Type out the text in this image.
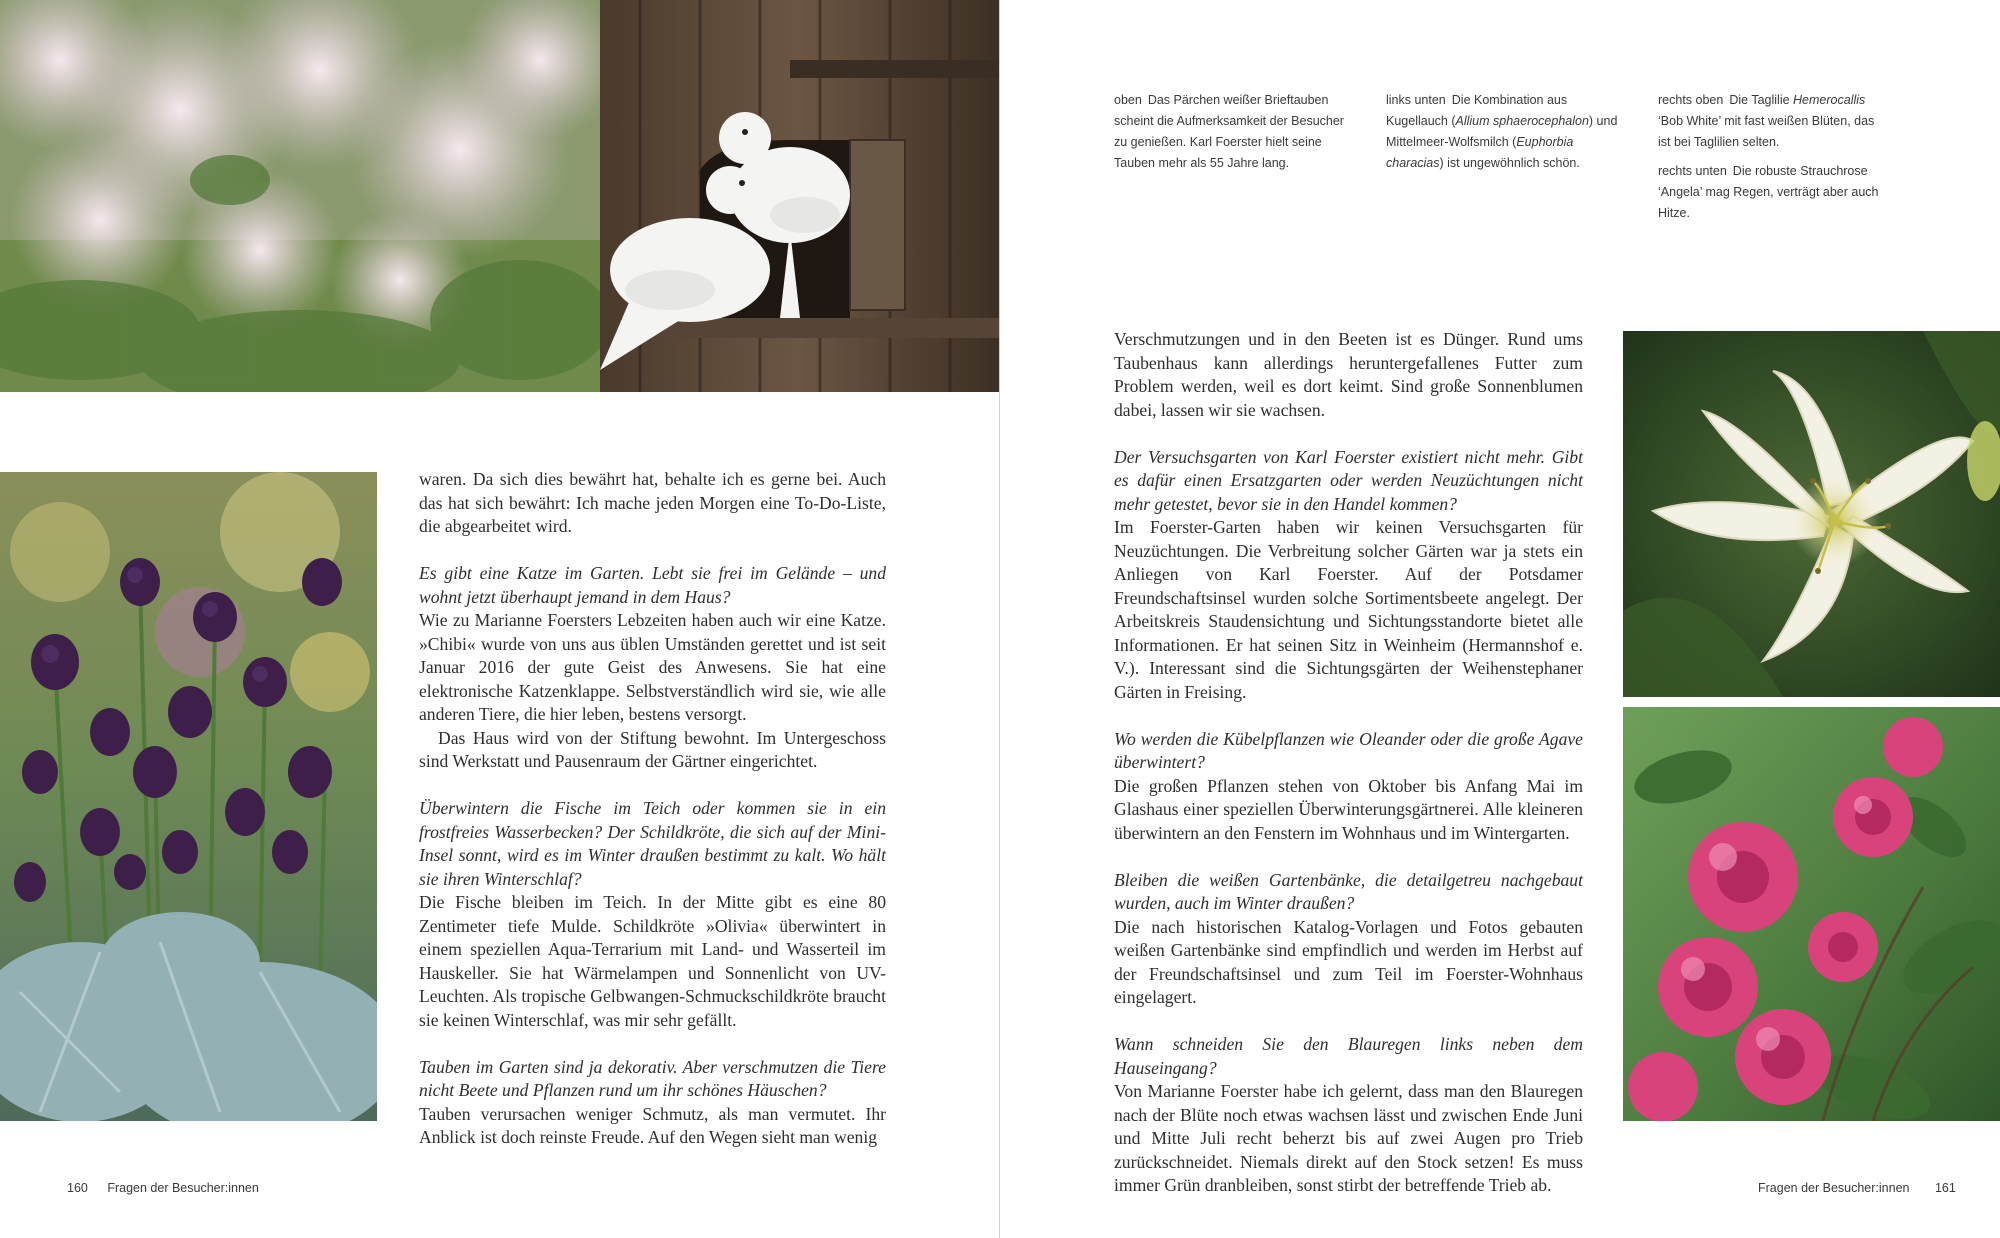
waren. Da sich dies bewährt hat, behalte ich es gerne bei. Auch das hat sich bewährt: Ich mache jeden Morgen eine To-Do-Liste, die abgearbeitet wird.

Es gibt eine Katze im Garten. Lebt sie frei im Gelände – und wohnt jetzt überhaupt jemand in dem Haus?

Wie zu Marianne Foersters Lebzeiten haben auch wir eine Katze. »Chibi« wurde von uns aus üblen Umständen gerettet und ist seit Januar 2016 der gute Geist des Anwesens. Sie hat eine elektronische Katzenklappe. Selbstverständlich wird sie, wie alle anderen Tiere, die hier leben, bestens versorgt.

Das Haus wird von der Stiftung bewohnt. Im Untergeschoss sind Werkstatt und Pausenraum der Gärtner eingerichtet.

Überwintern die Fische im Teich oder kommen sie in ein frostfreies Wasserbecken? Der Schildkröte, die sich auf der Mini-Insel sonnt, wird es im Winter draußen bestimmt zu kalt. Wo hält sie ihren Winterschlaf?

Die Fische bleiben im Teich. In der Mitte gibt es eine 80 Zentimeter tiefe Mulde. Schildkröte »Olivia« überwintert in einem speziellen Aqua-Terrarium mit Land- und Wasserteil im Hauskeller. Sie hat Wärmelampen und Sonnenlicht von UV-Leuchten. Als tropische Gelbwangen-Schmuckschildkröte braucht sie keinen Winterschlaf, was mir sehr gefällt.

Tauben im Garten sind ja dekorativ. Aber verschmutzen die Tiere nicht Beete und Pflanzen rund um ihr schönes Häuschen?

Tauben verursachen weniger Schmutz, als man vermutet. Ihr Anblick ist doch reinste Freude. Auf den Wegen sieht man wenig

160 Fragen der Besucher:innen

oben Das Pärchen weißer Brieftauben scheint die Aufmerksamkeit der Besucher zu genießen. Karl Foerster hielt seine Tauben mehr als 55 Jahre lang.

links unten Die Kombination aus Kugellauch (Allium sphaerocephalon) und Mittelmeer-Wolfsmilch (Euphorbia characias) ist ungewöhnlich schön.

rechts oben Die Taglilie Hemerocallis ‘Bob White’ mit fast weißen Blüten, das ist bei Taglilien selten.

rechts unten Die robuste Strauchrose ‘Angela’ mag Regen, verträgt aber auch Hitze.

Verschmutzungen und in den Beeten ist es Dünger. Rund ums Taubenhaus kann allerdings heruntergefallenes Futter zum Problem werden, weil es dort keimt. Sind große Sonnenblumen dabei, lassen wir sie wachsen.

Der Versuchsgarten von Karl Foerster existiert nicht mehr. Gibt es dafür einen Ersatzgarten oder werden Neuzüchtungen nicht mehr getestet, bevor sie in den Handel kommen?

Im Foerster-Garten haben wir keinen Versuchsgarten für Neuzüchtungen. Die Verbreitung solcher Gärten war ja stets ein Anliegen von Karl Foerster. Auf der Potsdamer Freundschaftsinsel wurden solche Sortimentsbeete angelegt. Der Arbeitskreis Staudensichtung und Sichtungsstandorte bietet alle Informationen. Er hat seinen Sitz in Weinheim (Hermannshof e. V.). Interessant sind die Sichtungsgärten der Weihenstephaner Gärten in Freising.

Wo werden die Kübelpflanzen wie Oleander oder die große Agave überwintert?

Die großen Pflanzen stehen von Oktober bis Anfang Mai im Glashaus einer speziellen Überwinterungsgärtnerei. Alle kleineren überwintern an den Fenstern im Wohnhaus und im Wintergarten.

Bleiben die weißen Gartenbänke, die detailgetreu nachgebaut wurden, auch im Winter draußen?

Die nach historischen Katalog-Vorlagen und Fotos gebauten weißen Gartenbänke sind empfindlich und werden im Herbst auf der Freundschaftsinsel und zum Teil im Foerster-Wohnhaus eingelagert.

Wann schneiden Sie den Blauregen links neben dem Hauseingang?

Von Marianne Foerster habe ich gelernt, dass man den Blauregen nach der Blüte noch etwas wachsen lässt und zwischen Ende Juni und Mitte Juli recht beherzt bis auf zwei Augen pro Trieb zurückschneidet. Niemals direkt auf den Stock setzen! Es muss immer Grün dranbleiben, sonst stirbt der betreffende Trieb ab.	Fragen der Besucher:innen 161
